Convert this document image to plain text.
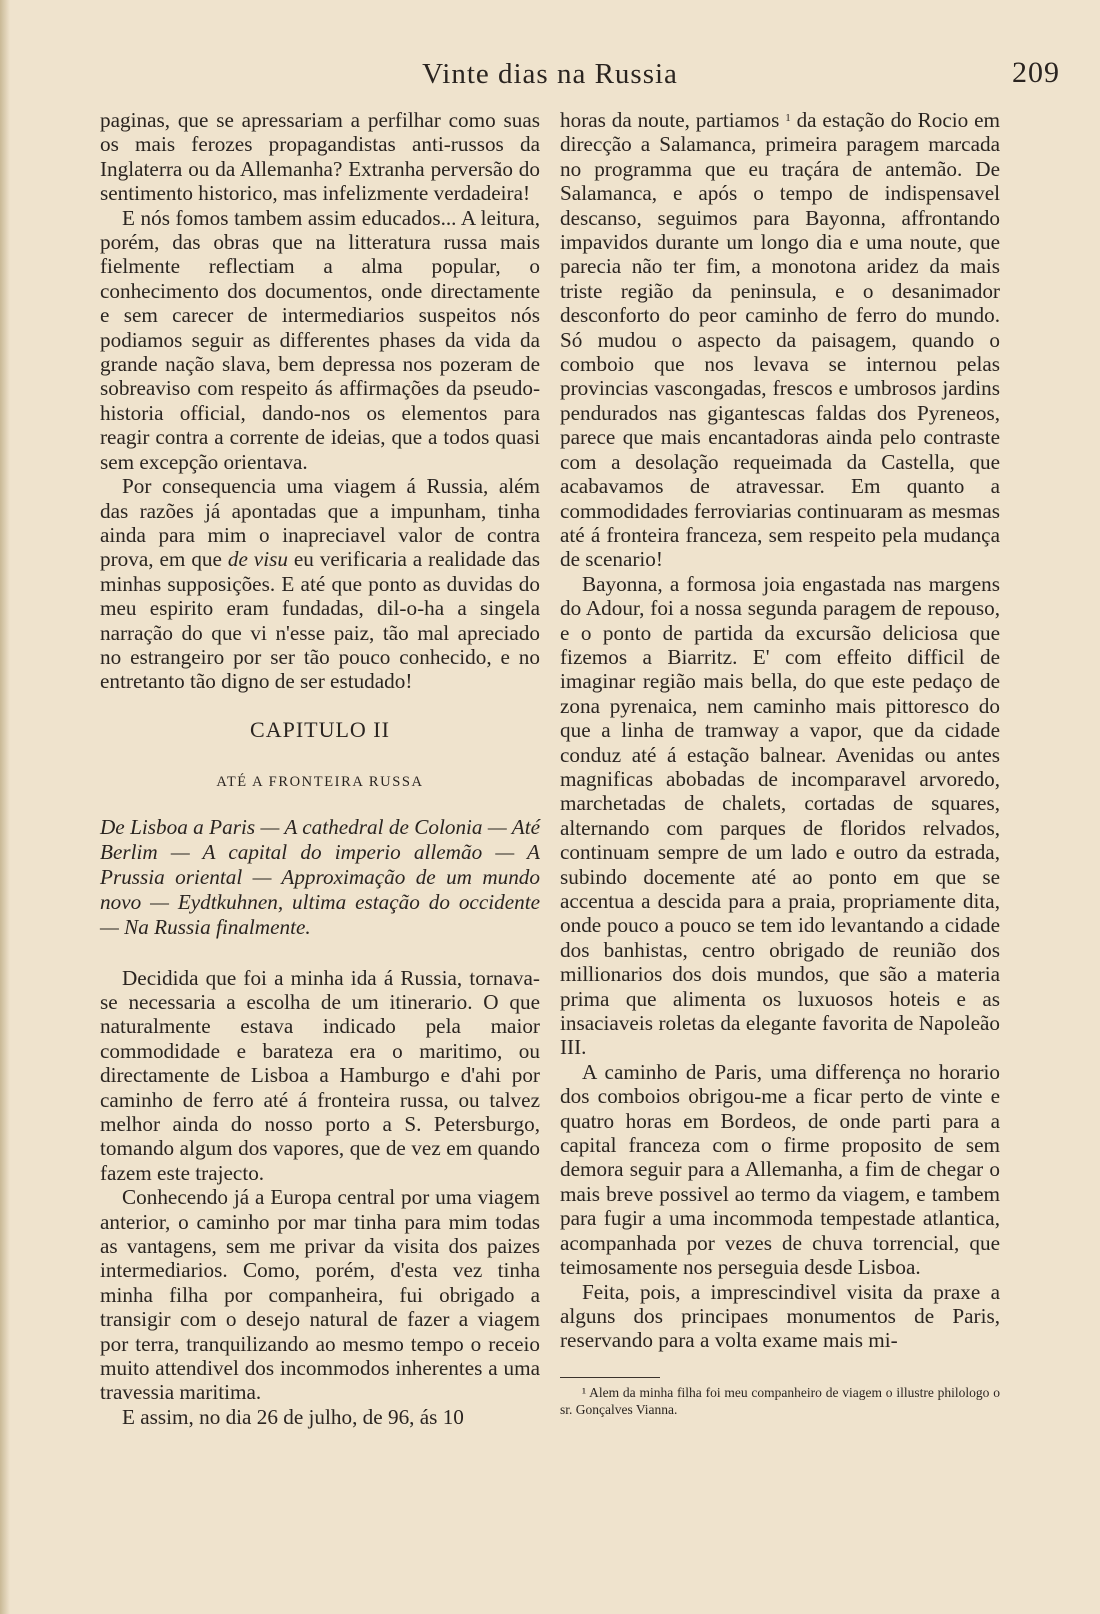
Vinte dias na Russia	209

paginas, que se apressariam a perfilhar como suas os mais ferozes propagandistas anti-russos da Inglaterra ou da Allemanha? Extranha perversão do sentimento historico, mas infelizmente verdadeira!

E nós fomos tambem assim educados... A leitura, porém, das obras que na litteratura russa mais fielmente reflectiam a alma popular, o conhecimento dos documentos, onde directamente e sem carecer de intermediarios suspeitos nós podiamos seguir as differentes phases da vida da grande nação slava, bem depressa nos pozeram de sobreaviso com respeito ás affirmações da pseudo-historia official, dando-nos os elementos para reagir contra a corrente de ideias, que a todos quasi sem excepção orientava.

Por consequencia uma viagem á Russia, além das razões já apontadas que a impunham, tinha ainda para mim o inapreciavel valor de contra prova, em que de visu eu verificaria a realidade das minhas supposições. E até que ponto as duvidas do meu espirito eram fundadas, dil-o-ha a singela narração do que vi n'esse paiz, tão mal apreciado no estrangeiro por ser tão pouco conhecido, e no entretanto tão digno de ser estudado!

CAPITULO II
ATÉ A FRONTEIRA RUSSA
De Lisboa a Paris — A cathedral de Colonia — Até Berlim — A capital do imperio allemão — A Prussia oriental — Approximação de um mundo novo — Eydtkuhnen, ultima estação do occidente — Na Russia finalmente.

Decidida que foi a minha ida á Russia, tornava-se necessaria a escolha de um itinerario. O que naturalmente estava indicado pela maior commodidade e barateza era o maritimo, ou directamente de Lisboa a Hamburgo e d'ahi por caminho de ferro até á fronteira russa, ou talvez melhor ainda do nosso porto a S. Petersburgo, tomando algum dos vapores, que de vez em quando fazem este trajecto.

Conhecendo já a Europa central por uma viagem anterior, o caminho por mar tinha para mim todas as vantagens, sem me privar da visita dos paizes intermediarios. Como, porém, d'esta vez tinha minha filha por companheira, fui obrigado a transigir com o desejo natural de fazer a viagem por terra, tranquilizando ao mesmo tempo o receio muito attendivel dos incommodos inherentes a uma travessia maritima.

E assim, no dia 26 de julho, de 96, ás 10

horas da noute, partiamos $^1$ da estação do Rocio em direcção a Salamanca, primeira paragem marcada no programma que eu traçára de antemão. De Salamanca, e após o tempo de indispensavel descanso, seguimos para Bayonna, affrontando impavidos durante um longo dia e uma noute, que parecia não ter fim, a monotona aridez da mais triste região da peninsula, e o desanimador desconforto do peor caminho de ferro do mundo. Só mudou o aspecto da paisagem, quando o comboio que nos levava se internou pelas provincias vascongadas, frescos e umbrosos jardins pendurados nas gigantescas faldas dos Pyreneos, parece que mais encantadoras ainda pelo contraste com a desolação requeimada da Castella, que acabavamos de atravessar. Em quanto a commodidades ferroviarias continuaram as mesmas até á fronteira franceza, sem respeito pela mudança de scenario!

Bayonna, a formosa joia engastada nas margens do Adour, foi a nossa segunda paragem de repouso, e o ponto de partida da excursão deliciosa que fizemos a Biarritz. E' com effeito difficil de imaginar região mais bella, do que este pedaço de zona pyrenaica, nem caminho mais pittoresco do que a linha de tramway a vapor, que da cidade conduz até á estação balnear. Avenidas ou antes magnificas abobadas de incomparavel arvoredo, marchetadas de chalets, cortadas de squares, alternando com parques de floridos relvados, continuam sempre de um lado e outro da estrada, subindo docemente até ao ponto em que se accentua a descida para a praia, propriamente dita, onde pouco a pouco se tem ido levantando a cidade dos banhistas, centro obrigado de reunião dos millionarios dos dois mundos, que são a materia prima que alimenta os luxuosos hoteis e as insaciaveis roletas da elegante favorita de Napoleão III.

A caminho de Paris, uma differença no horario dos comboios obrigou-me a ficar perto de vinte e quatro horas em Bordeos, de onde parti para a capital franceza com o firme proposito de sem demora seguir para a Allemanha, a fim de chegar o mais breve possivel ao termo da viagem, e tambem para fugir a uma incommoda tempestade atlantica, acompanhada por vezes de chuva torrencial, que teimosamente nos perseguia desde Lisboa.

Feita, pois, a imprescindivel visita da praxe a alguns dos principaes monumentos de Paris, reservando para a volta exame mais mi-

¹ Alem da minha filha foi meu companheiro de viagem o illustre philologo o sr. Gonçalves Vianna.
